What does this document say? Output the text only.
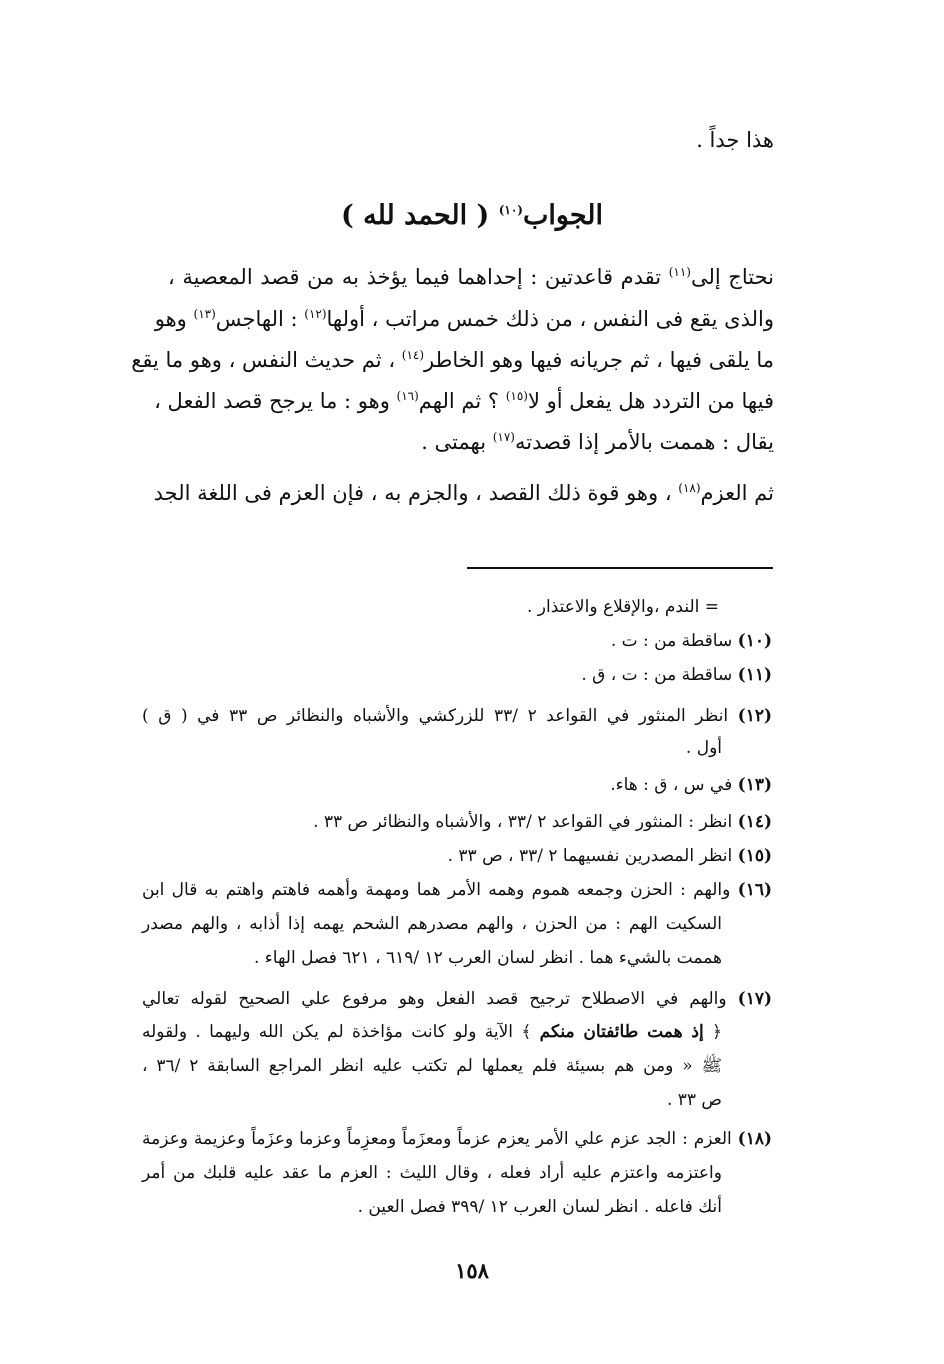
هذا جداً .
الجواب$^{(١٠)}$ ( الحمد لله )
نحتاج إلى$^{(١١)}$ تقدم قاعدتين : إحداهما فيما يؤخذ به من قصد المعصية ،
والذى يقع فى النفس ، من ذلك خمس مراتب ، أولها$^{(١٢)}$ : الهاجس$^{(١٣)}$ وهو
ما يلقى فيها ، ثم جريانه فيها وهو الخاطر$^{(١٤)}$ ، ثم حديث النفس ، وهو ما يقع
فيها من التردد هل يفعل أو لا$^{(١٥)}$ ؟ ثم الهم$^{(١٦)}$ وهو : ما يرجح قصد الفعل ،
يقال : هممت بالأمر إذا قصدته$^{(١٧)}$ بهمتى .
ثم العزم$^{(١٨)}$ ، وهو قوة ذلك القصد ، والجزم به ، فإن العزم فى اللغة الجد
= الندم ،والإقلاع والاعتذار .
(١٠) ساقطة من : ت .
(١١) ساقطة من : ت ، ق .
(١٢) انظر المنثور في القواعد ٢ /٣٣ للزركشي والأشباه والنظائر ص ٣٣ في ( ق )
أول .
(١٣) في س ، ق : هاء.
(١٤) انظر : المنثور في القواعد ٢ /٣٣ ، والأشباه والنظائر ص ٣٣ .
(١٥) انظر المصدرين نفسيهما ٢ /٣٣ ، ص ٣٣ .
(١٦) والهم : الحزن وجمعه هموم وهمه الأمر هما ومهمة وأهمه فاهتم واهتم به قال ابن
السكيت الهم : من الحزن ، والهم مصدرهم الشحم يهمه إذا أذابه ، والهم مصدر
هممت بالشيء هما . انظر لسان العرب ١٢ /٦١٩ ، ٦٢١ فصل الهاء .
(١٧) والهم في الاصطلاح ترجيح قصد الفعل وهو مرفوع علي الصحيح لقوله تعالي
﴿ إذ همت طائفتان منكم ﴾ الآية ولو كانت مؤاخذة لم يكن الله وليهما . ولقوله
ﷺ « ومن هم بسيئة فلم يعملها لم تكتب عليه انظر المراجع السابقة ٢ /٣٦ ،
ص ٣٣ .
(١٨) العزم : الجد عزم علي الأمر يعزم عزماً ومعزَماً ومعزِماً وعزما وعزَماً وعزيمة وعزمة
واعتزمه واعتزم عليه أراد فعله ، وقال الليث : العزم ما عقد عليه قلبك من أمر
أنك فاعله . انظر لسان العرب ١٢ /٣٩٩ فصل العين .
١٥٨
